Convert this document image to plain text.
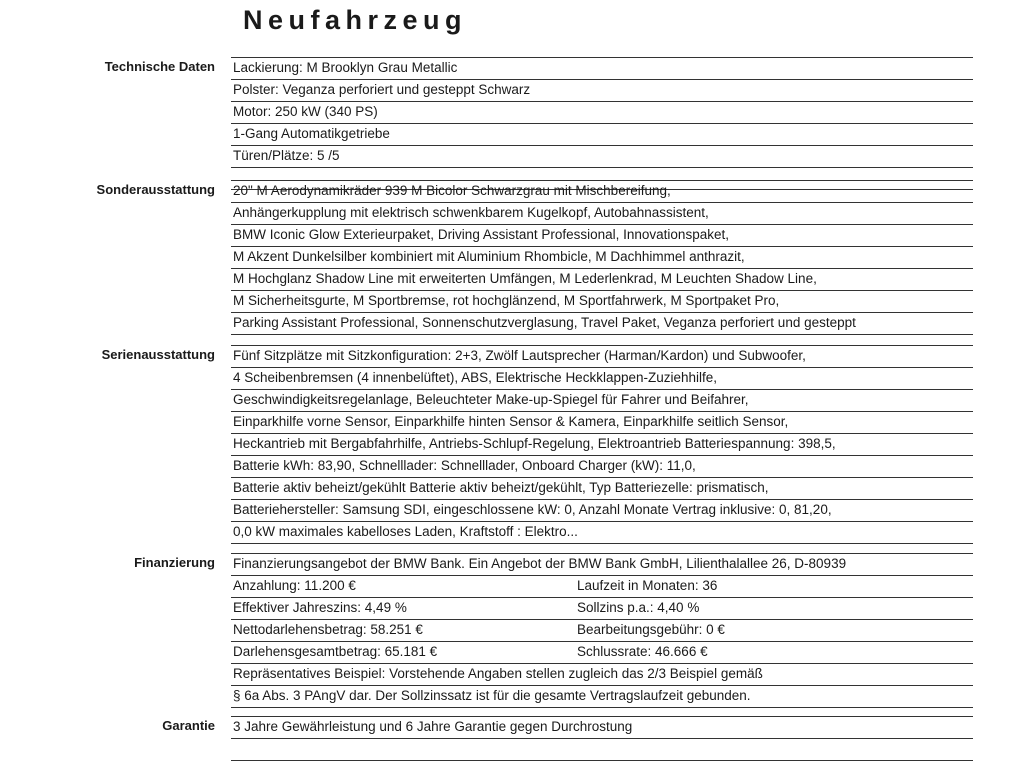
Neufahrzeug
Technische Daten Lackierung: M Brooklyn Grau Metallic
Polster: Veganza perforiert und gesteppt Schwarz
Motor: 250 kW (340 PS)
1-Gang Automatikgetriebe
Türen/Plätze: 5 /5
Sonderausstattung 20" M Aerodynamikräder 939 M Bicolor Schwarzgrau mit Mischbereifung,
Anhängerkupplung mit elektrisch schwenkbarem Kugelkopf, Autobahnassistent,
BMW Iconic Glow Exterieurpaket, Driving Assistant Professional, Innovationspaket,
M Akzent Dunkelsilber kombiniert mit Aluminium Rhombicle, M Dachhimmel anthrazit,
M Hochglanz Shadow Line mit erweiterten Umfängen, M Lederlenkrad, M Leuchten Shadow Line,
M Sicherheitsgurte, M Sportbremse, rot hochglänzend, M Sportfahrwerk, M Sportpaket Pro,
Parking Assistant Professional, Sonnenschutzverglasung, Travel Paket, Veganza perforiert und gesteppt
Serienausstattung Fünf Sitzplätze mit Sitzkonfiguration: 2+3, Zwölf Lautsprecher (Harman/Kardon) und Subwoofer,
4 Scheibenbremsen (4 innenbelüftet), ABS, Elektrische Heckklappen-Zuziehhilfe,
Geschwindigkeitsregelanlage, Beleuchteter Make-up-Spiegel für Fahrer und Beifahrer,
Einparkhilfe vorne Sensor, Einparkhilfe hinten Sensor & Kamera, Einparkhilfe seitlich Sensor,
Heckantrieb mit Bergabfahrhilfe, Antriebs-Schlupf-Regelung, Elektroantrieb Batteriespannung: 398,5,
Batterie kWh: 83,90, Schnelllader: Schnelllader, Onboard Charger (kW): 11,0,
Batterie aktiv beheizt/gekühlt Batterie aktiv beheizt/gekühlt, Typ Batteriezelle: prismatisch,
Batteriehersteller: Samsung SDI, eingeschlossene kW: 0, Anzahl Monate Vertrag inklusive: 0, 81,20,
0,0 kW maximales kabelloses Laden, Kraftstoff : Elektro...
Finanzierung Finanzierungsangebot der BMW Bank. Ein Angebot der BMW Bank GmbH, Lilienthalallee 26, D-80939
Anzahlung: 11.200 €	Laufzeit in Monaten: 36
Effektiver Jahreszins: 4,49 %	Sollzins p.a.: 4,40 %
Nettodarlehensbetrag: 58.251 €	Bearbeitungsgebühr: 0 €
Darlehensgesamtbetrag: 65.181 €	Schlussrate: 46.666 €
Repräsentatives Beispiel: Vorstehende Angaben stellen zugleich das 2/3 Beispiel gemäß
§ 6a Abs. 3 PAngV dar. Der Sollzinssatz ist für die gesamte Vertragslaufzeit gebunden.
Garantie 3 Jahre Gewährleistung und 6 Jahre Garantie gegen Durchrostung
